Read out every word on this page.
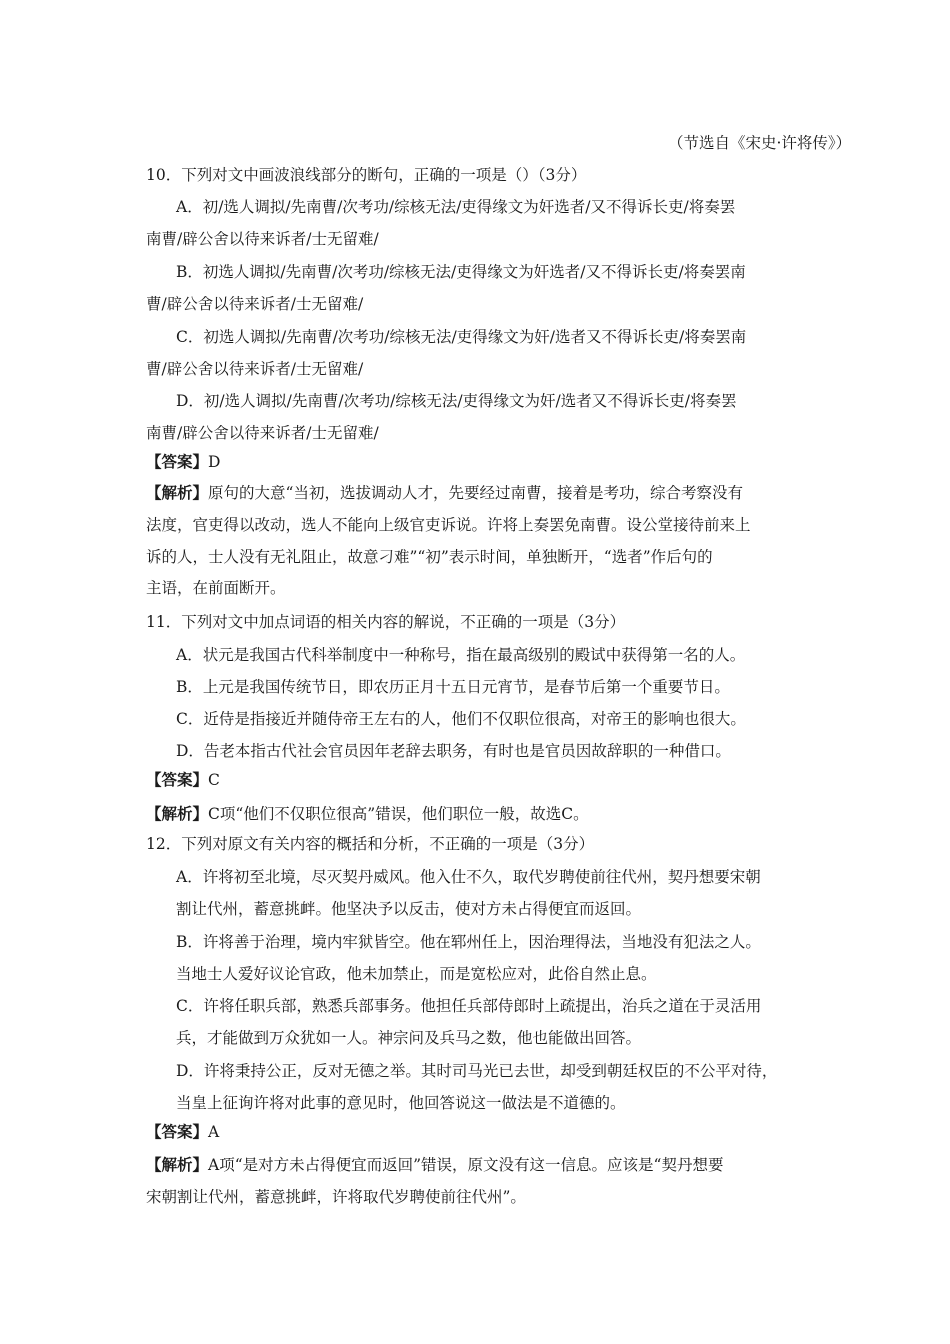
（节选自《宋史·许将传》）
10．下列对文中画波浪线部分的断句，正确的一项是（）（3分）
A．初/选人调拟/先南曹/次考功/综核无法/吏得缘文为奸选者/又不得诉长吏/将奏罢
南曹/辟公舍以待来诉者/士无留难/
B．初选人调拟/先南曹/次考功/综核无法/吏得缘文为奸选者/又不得诉长吏/将奏罢南
曹/辟公舍以待来诉者/士无留难/
C．初选人调拟/先南曹/次考功/综核无法/吏得缘文为奸/选者又不得诉长吏/将奏罢南
曹/辟公舍以待来诉者/士无留难/
D．初/选人调拟/先南曹/次考功/综核无法/吏得缘文为奸/选者又不得诉长吏/将奏罢
南曹/辟公舍以待来诉者/士无留难/
【答案】D
【解析】原句的大意“当初，选拔调动人才，先要经过南曹，接着是考功，综合考察没有
法度，官吏得以改动，选人不能向上级官吏诉说。许将上奏罢免南曹。设公堂接待前来上
诉的人，士人没有无礼阻止，故意刁难”“初”表示时间，单独断开，“选者”作后句的
主语，在前面断开。
11．下列对文中加点词语的相关内容的解说，不正确的一项是（3分）
A．状元是我国古代科举制度中一种称号，指在最高级别的殿试中获得第一名的人。
B．上元是我国传统节日，即农历正月十五日元宵节，是春节后第一个重要节日。
C．近侍是指接近并随侍帝王左右的人，他们不仅职位很高，对帝王的影响也很大。
D．告老本指古代社会官员因年老辞去职务，有时也是官员因故辞职的一种借口。
【答案】C
【解析】C项“他们不仅职位很高”错误，他们职位一般，故选C。
12．下列对原文有关内容的概括和分析，不正确的一项是（3分）
A．许将初至北境，尽灭契丹威风。他入仕不久，取代岁聘使前往代州，契丹想要宋朝
割让代州，蓄意挑衅。他坚决予以反击，使对方未占得便宜而返回。
B．许将善于治理，境内牢狱皆空。他在郓州任上，因治理得法，当地没有犯法之人。
当地士人爱好议论官政，他未加禁止，而是宽松应对，此俗自然止息。
C．许将任职兵部，熟悉兵部事务。他担任兵部侍郎时上疏提出，治兵之道在于灵活用
兵，才能做到万众犹如一人。神宗问及兵马之数，他也能做出回答。
D．许将秉持公正，反对无德之举。其时司马光已去世，却受到朝廷权臣的不公平对待，
当皇上征询许将对此事的意见时，他回答说这一做法是不道德的。
【答案】A
【解析】A项“是对方未占得便宜而返回”错误，原文没有这一信息。应该是“契丹想要
宋朝割让代州，蓄意挑衅，许将取代岁聘使前往代州”。
